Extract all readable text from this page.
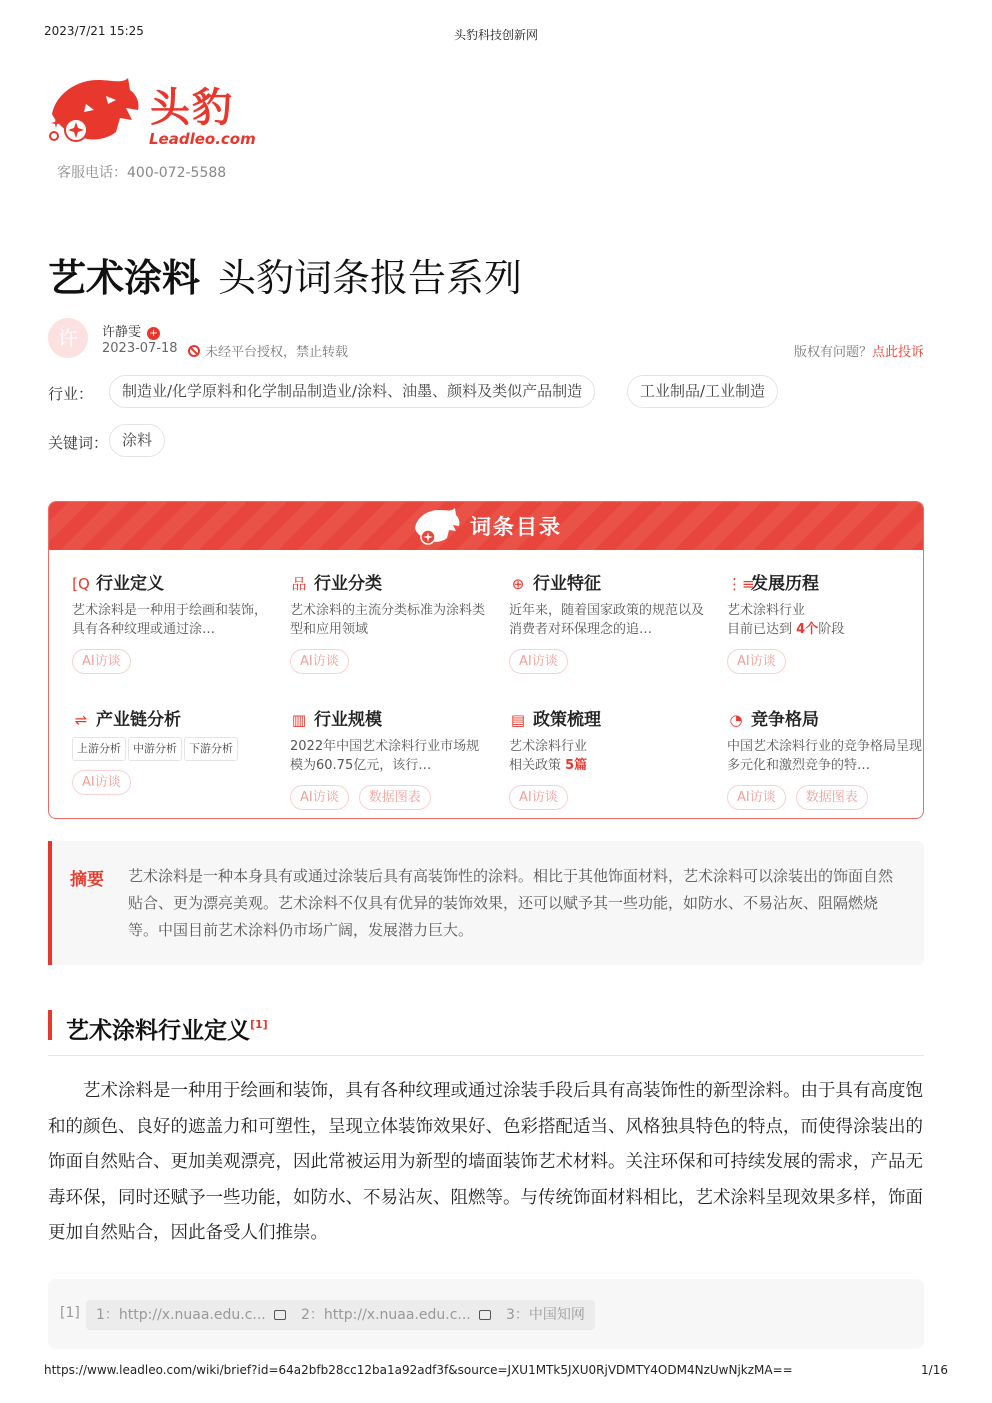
2023/7/21 15:25	头豹科技创新网
头豹
Leadleo.com
客服电话：400-072-5588
艺术涂料 头豹词条报告系列
许	许静雯 +
2023-07-18	未经平台授权，禁止转载	版权有问题？点此投诉
行业：	制造业/化学原料和化学制品制造业/涂料、油墨、颜料及类似产品制造	工业制品/工业制造
关键词： 涂料
词条目录
[Q 行业定义
艺术涂料是一种用于绘画和装饰，具有各种纹理或通过涂…
AI访谈
品 行业分类
艺术涂料的主流分类标准为涂料类型和应用领域
AI访谈
⊕ 行业特征
近年来，随着国家政策的规范以及消费者对环保理念的追…
AI访谈
⋮≡发展历程
艺术涂料行业
目前已达到 4个阶段
AI访谈
⇌ 产业链分析
上游分析 中游分析 下游分析
AI访谈
▥ 行业规模
2022年中国艺术涂料行业市场规模为60.75亿元，该行…
AI访谈 数据图表
▤ 政策梳理
艺术涂料行业
相关政策 5篇
AI访谈
◔ 竞争格局
中国艺术涂料行业的竞争格局呈现多元化和激烈竞争的特…
AI访谈 数据图表
摘要 艺术涂料是一种本身具有或通过涂装后具有高装饰性的涂料。相比于其他饰面材料，艺术涂料可以涂装出的饰面自然贴合、更为漂亮美观。艺术涂料不仅具有优异的装饰效果，还可以赋予其一些功能，如防水、不易沾灰、阻隔燃烧等。中国目前艺术涂料仍市场广阔，发展潜力巨大。

艺术涂料行业定义[1]

艺术涂料是一种用于绘画和装饰，具有各种纹理或通过涂装手段后具有高装饰性的新型涂料。由于具有高度饱和的颜色、良好的遮盖力和可塑性，呈现立体装饰效果好、色彩搭配适当、风格独具特色的特点，而使得涂装出的饰面自然贴合、更加美观漂亮，因此常被运用为新型的墙面装饰艺术材料。关注环保和可持续发展的需求，产品无毒环保，同时还赋予一些功能，如防水、不易沾灰、阻燃等。与传统饰面材料相比，艺术涂料呈现效果多样，饰面更加自然贴合，因此备受人们推崇。

[1]	1：http://x.nuaa.edu.c...	2：http://x.nuaa.edu.c...	3：中国知网
https://www.leadleo.com/wiki/brief?id=64a2bfb28cc12ba1a92adf3f&source=JXU1MTk5JXU0RjVDMTY4ODM4NzUwNjkzMA==	1/16
